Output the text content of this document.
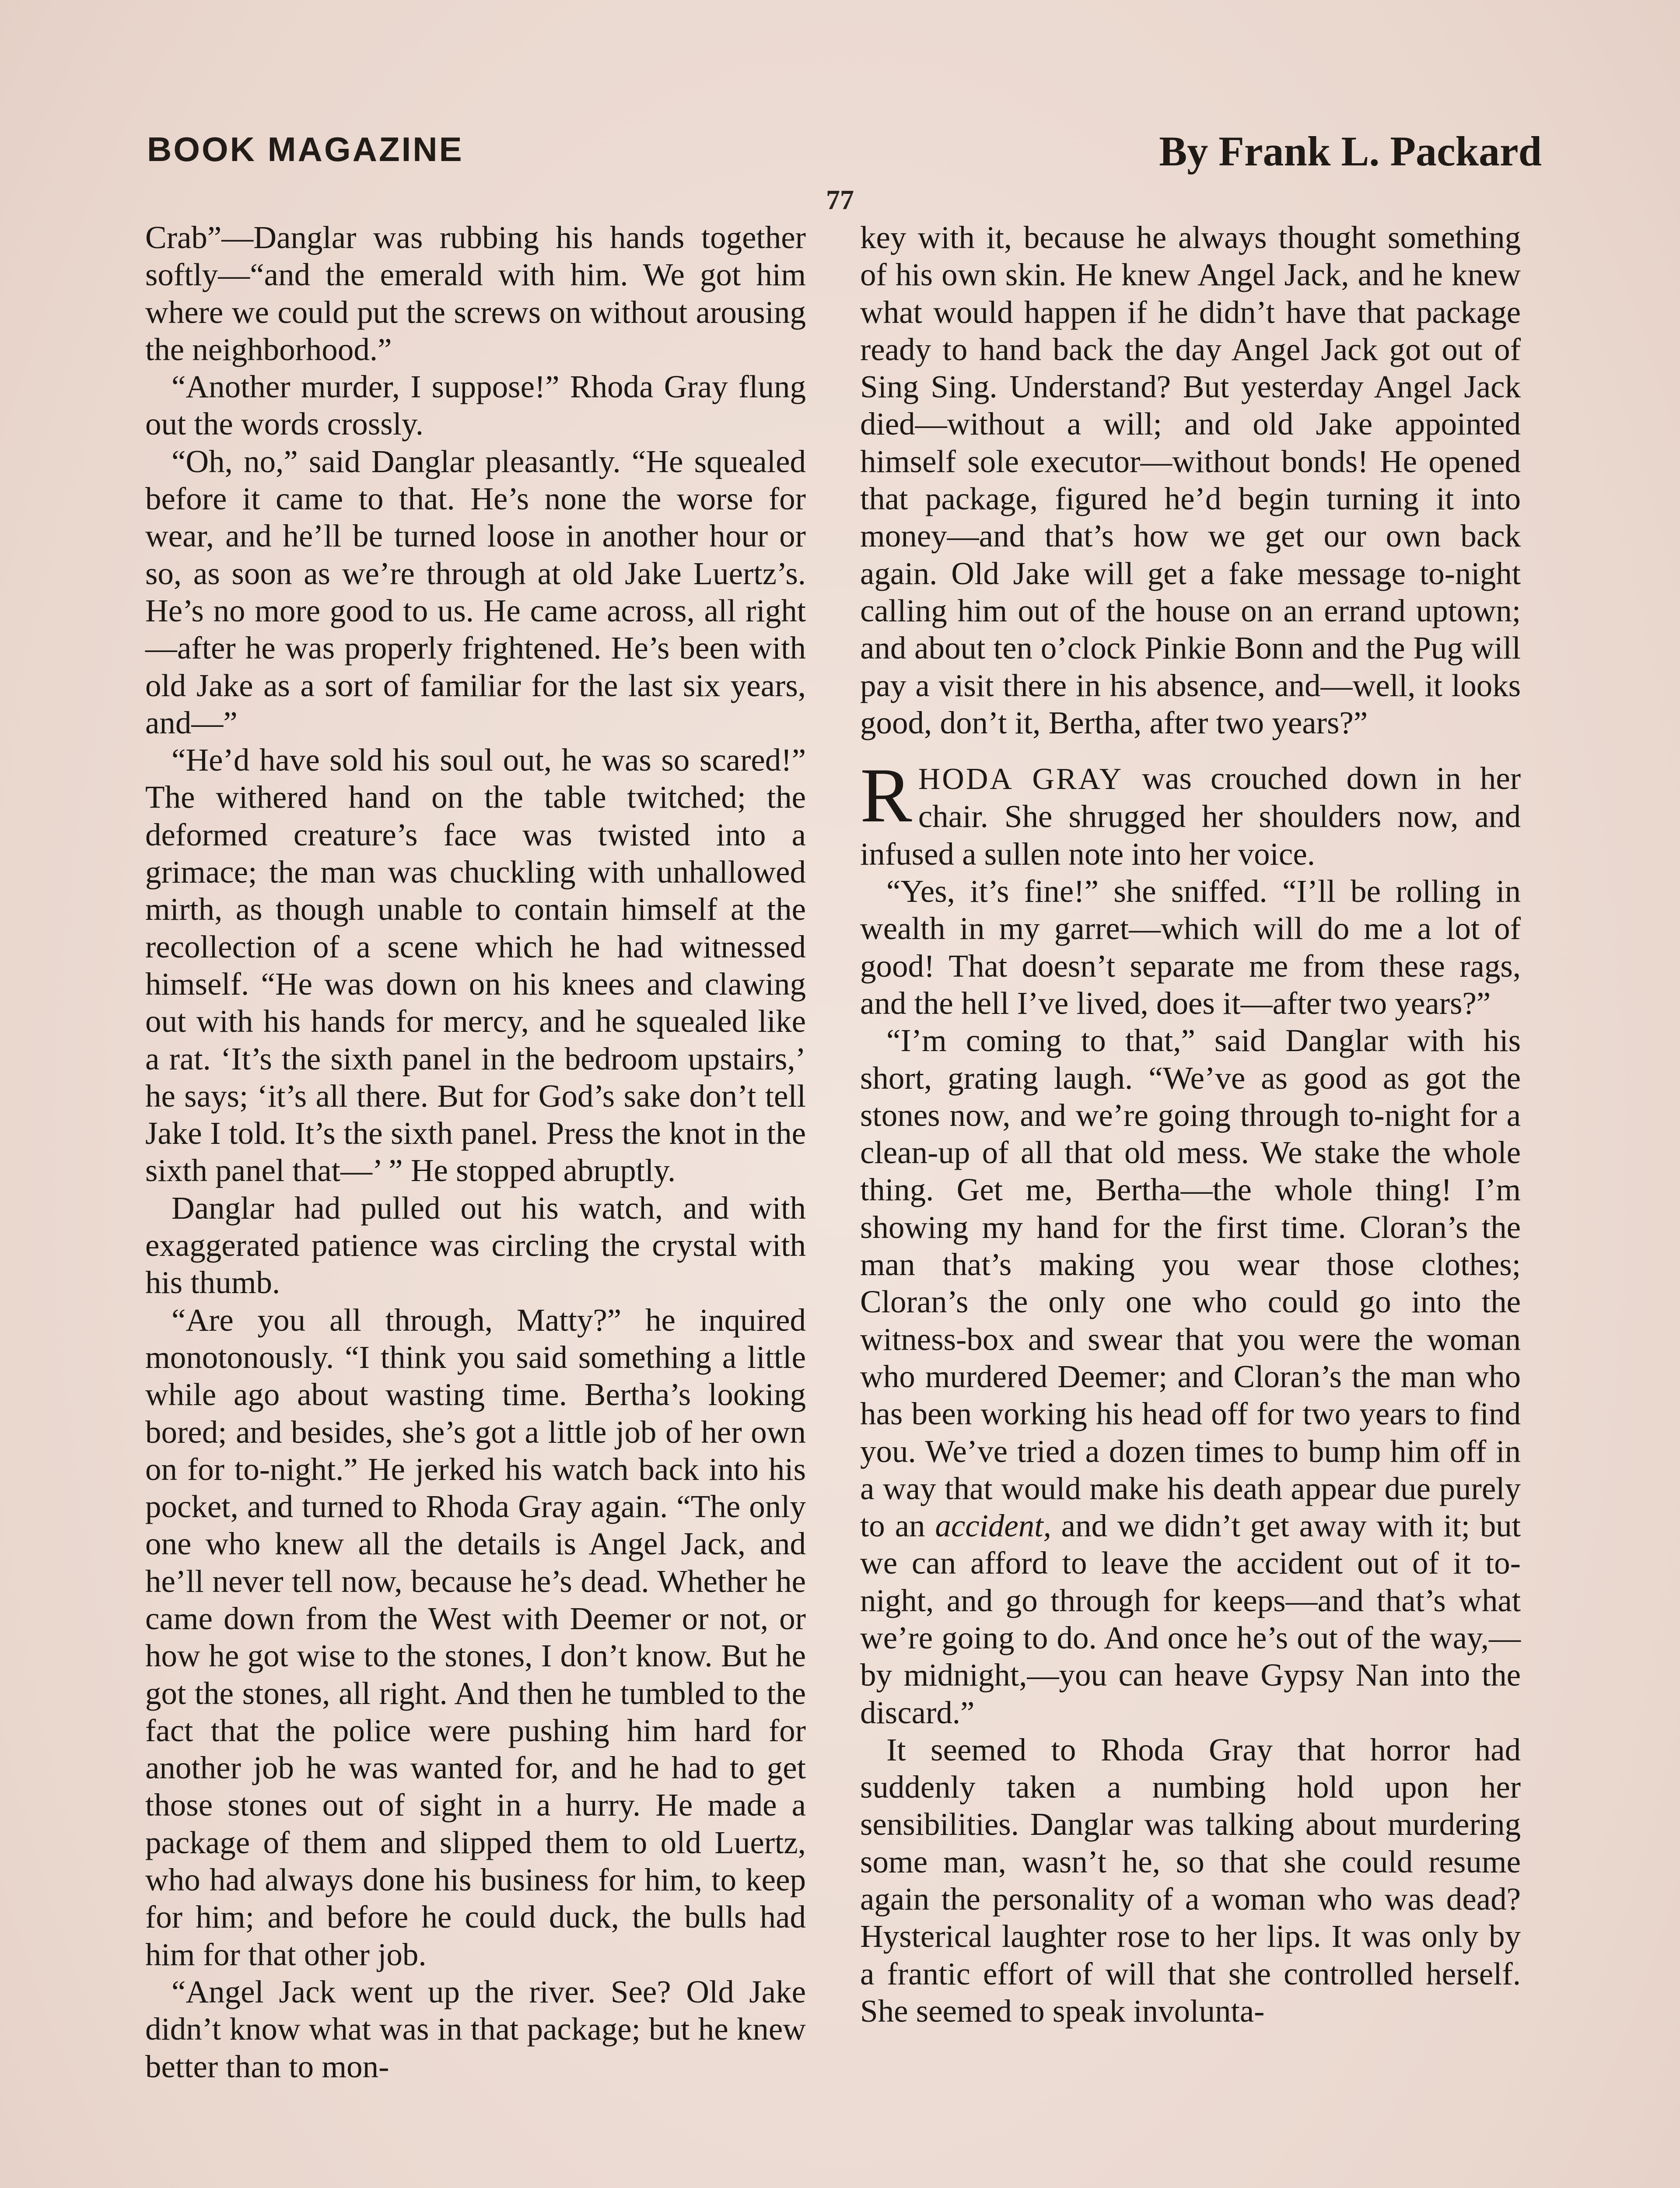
BOOK MAGAZINE	By Frank L. Packard
77

Crab”—Danglar was rubbing his hands together softly—“and the emerald with him. We got him where we could put the screws on without arousing the neighborhood.”

“Another murder, I suppose!” Rhoda Gray flung out the words crossly.

“Oh, no,” said Danglar pleasantly. “He squealed before it came to that. He’s none the worse for wear, and he’ll be turned loose in another hour or so, as soon as we’re through at old Jake Luertz’s. He’s no more good to us. He came across, all right—after he was properly frightened. He’s been with old Jake as a sort of familiar for the last six years, and—”

“He’d have sold his soul out, he was so scared!” The withered hand on the table twitched; the deformed creature’s face was twisted into a grimace; the man was chuckling with unhallowed mirth, as though unable to contain himself at the recollection of a scene which he had witnessed himself. “He was down on his knees and clawing out with his hands for mercy, and he squealed like a rat. ‘It’s the sixth panel in the bedroom upstairs,’ he says; ‘it’s all there. But for God’s sake don’t tell Jake I told. It’s the sixth panel. Press the knot in the sixth panel that—’ ” He stopped abruptly.

Danglar had pulled out his watch, and with exaggerated patience was circling the crystal with his thumb.

“Are you all through, Matty?” he inquired monotonously. “I think you said something a little while ago about wasting time. Bertha’s looking bored; and besides, she’s got a little job of her own on for to-night.” He jerked his watch back into his pocket, and turned to Rhoda Gray again. “The only one who knew all the details is Angel Jack, and he’ll never tell now, because he’s dead. Whether he came down from the West with Deemer or not, or how he got wise to the stones, I don’t know. But he got the stones, all right. And then he tumbled to the fact that the police were pushing him hard for another job he was wanted for, and he had to get those stones out of sight in a hurry. He made a package of them and slipped them to old Luertz, who had always done his business for him, to keep for him; and before he could duck, the bulls had him for that other job.

“Angel Jack went up the river. See? Old Jake didn’t know what was in that package; but he knew better than to mon-

key with it, because he always thought something of his own skin. He knew Angel Jack, and he knew what would happen if he didn’t have that package ready to hand back the day Angel Jack got out of Sing Sing. Understand? But yesterday Angel Jack died—without a will; and old Jake appointed himself sole executor—without bonds! He opened that package, figured he’d begin turning it into money—and that’s how we get our own back again. Old Jake will get a fake message to-night calling him out of the house on an errand uptown; and about ten o’clock Pinkie Bonn and the Pug will pay a visit there in his absence, and—well, it looks good, don’t it, Bertha, after two years?”

RHODA GRAY was crouched down in her chair. She shrugged her shoulders now, and infused a sullen note into her voice.

“Yes, it’s fine!” she sniffed. “I’ll be rolling in wealth in my garret—which will do me a lot of good! That doesn’t separate me from these rags, and the hell I’ve lived, does it—after two years?”

“I’m coming to that,” said Danglar with his short, grating laugh. “We’ve as good as got the stones now, and we’re going through to-night for a clean-up of all that old mess. We stake the whole thing. Get me, Bertha—the whole thing! I’m showing my hand for the first time. Cloran’s the man that’s making you wear those clothes; Cloran’s the only one who could go into the witness-box and swear that you were the woman who murdered Deemer; and Cloran’s the man who has been working his head off for two years to find you. We’ve tried a dozen times to bump him off in a way that would make his death appear due purely to an accident, and we didn’t get away with it; but we can afford to leave the accident out of it to-night, and go through for keeps—and that’s what we’re going to do. And once he’s out of the way,—by midnight,—you can heave Gypsy Nan into the discard.”

It seemed to Rhoda Gray that horror had suddenly taken a numbing hold upon her sensibilities. Danglar was talking about murdering some man, wasn’t he, so that she could resume again the personality of a woman who was dead? Hysterical laughter rose to her lips. It was only by a frantic effort of will that she controlled herself. She seemed to speak involunta-
